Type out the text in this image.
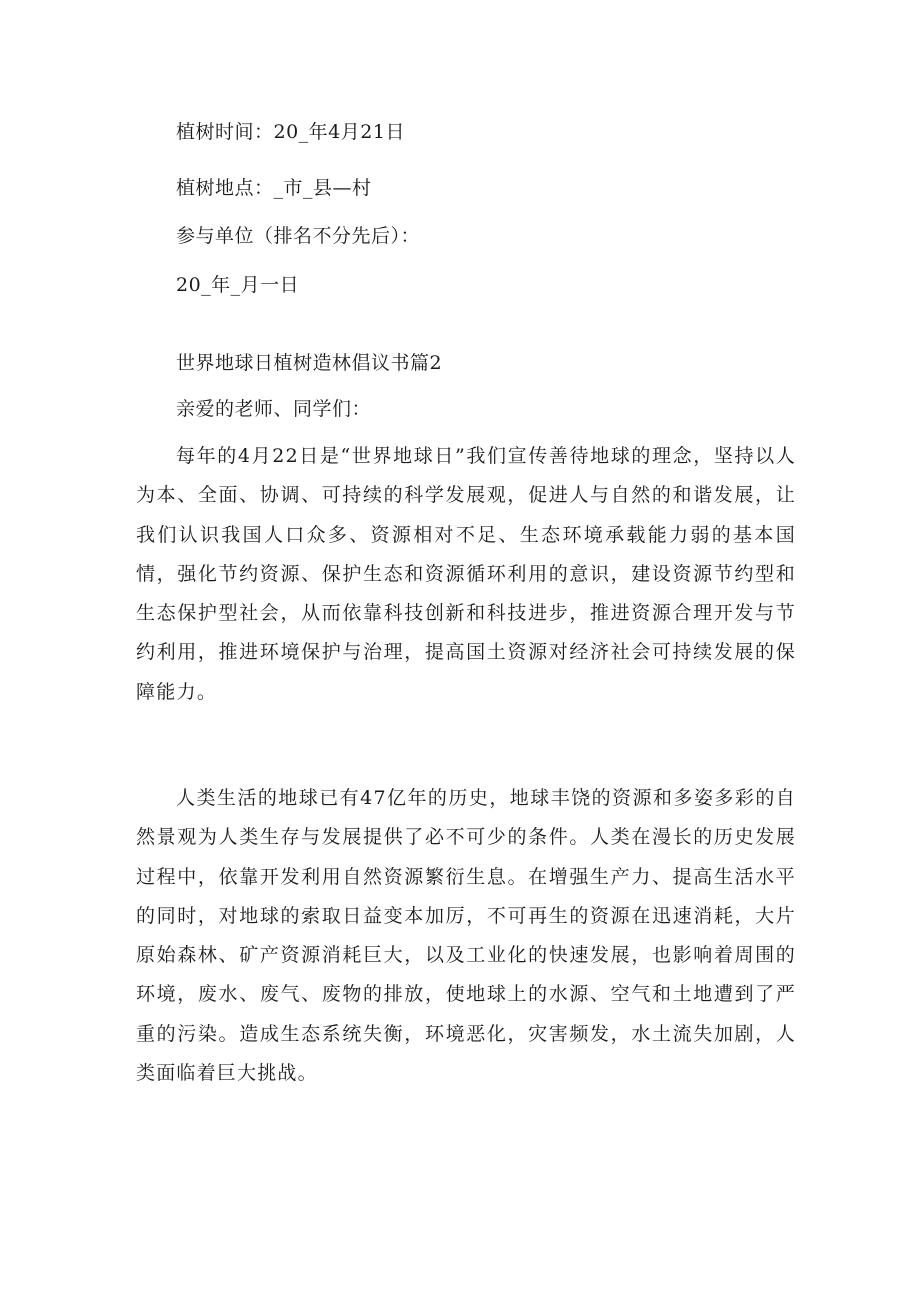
植树时间：20_年4月21日
植树地点：_市_县—村
参与单位（排名不分先后）：
20_年_月一日
世界地球日植树造林倡议书篇2
亲爱的老师、同学们：
每年的4月22日是“世界地球日”我们宣传善待地球的理念，坚持以人为本、全面、协调、可持续的科学发展观，促进人与自然的和谐发展，让我们认识我国人口众多、资源相对不足、生态环境承载能力弱的基本国情，强化节约资源、保护生态和资源循环利用的意识，建设资源节约型和生态保护型社会，从而依靠科技创新和科技进步，推进资源合理开发与节约利用，推进环境保护与治理，提高国土资源对经济社会可持续发展的保障能力。
人类生活的地球已有47亿年的历史，地球丰饶的资源和多姿多彩的自然景观为人类生存与发展提供了必不可少的条件。人类在漫长的历史发展过程中，依靠开发利用自然资源繁衍生息。在增强生产力、提高生活水平的同时，对地球的索取日益变本加厉，不可再生的资源在迅速消耗，大片原始森林、矿产资源消耗巨大，以及工业化的快速发展，也影响着周围的环境，废水、废气、废物的排放，使地球上的水源、空气和土地遭到了严重的污染。造成生态系统失衡，环境恶化，灾害频发，水土流失加剧，人类面临着巨大挑战。
